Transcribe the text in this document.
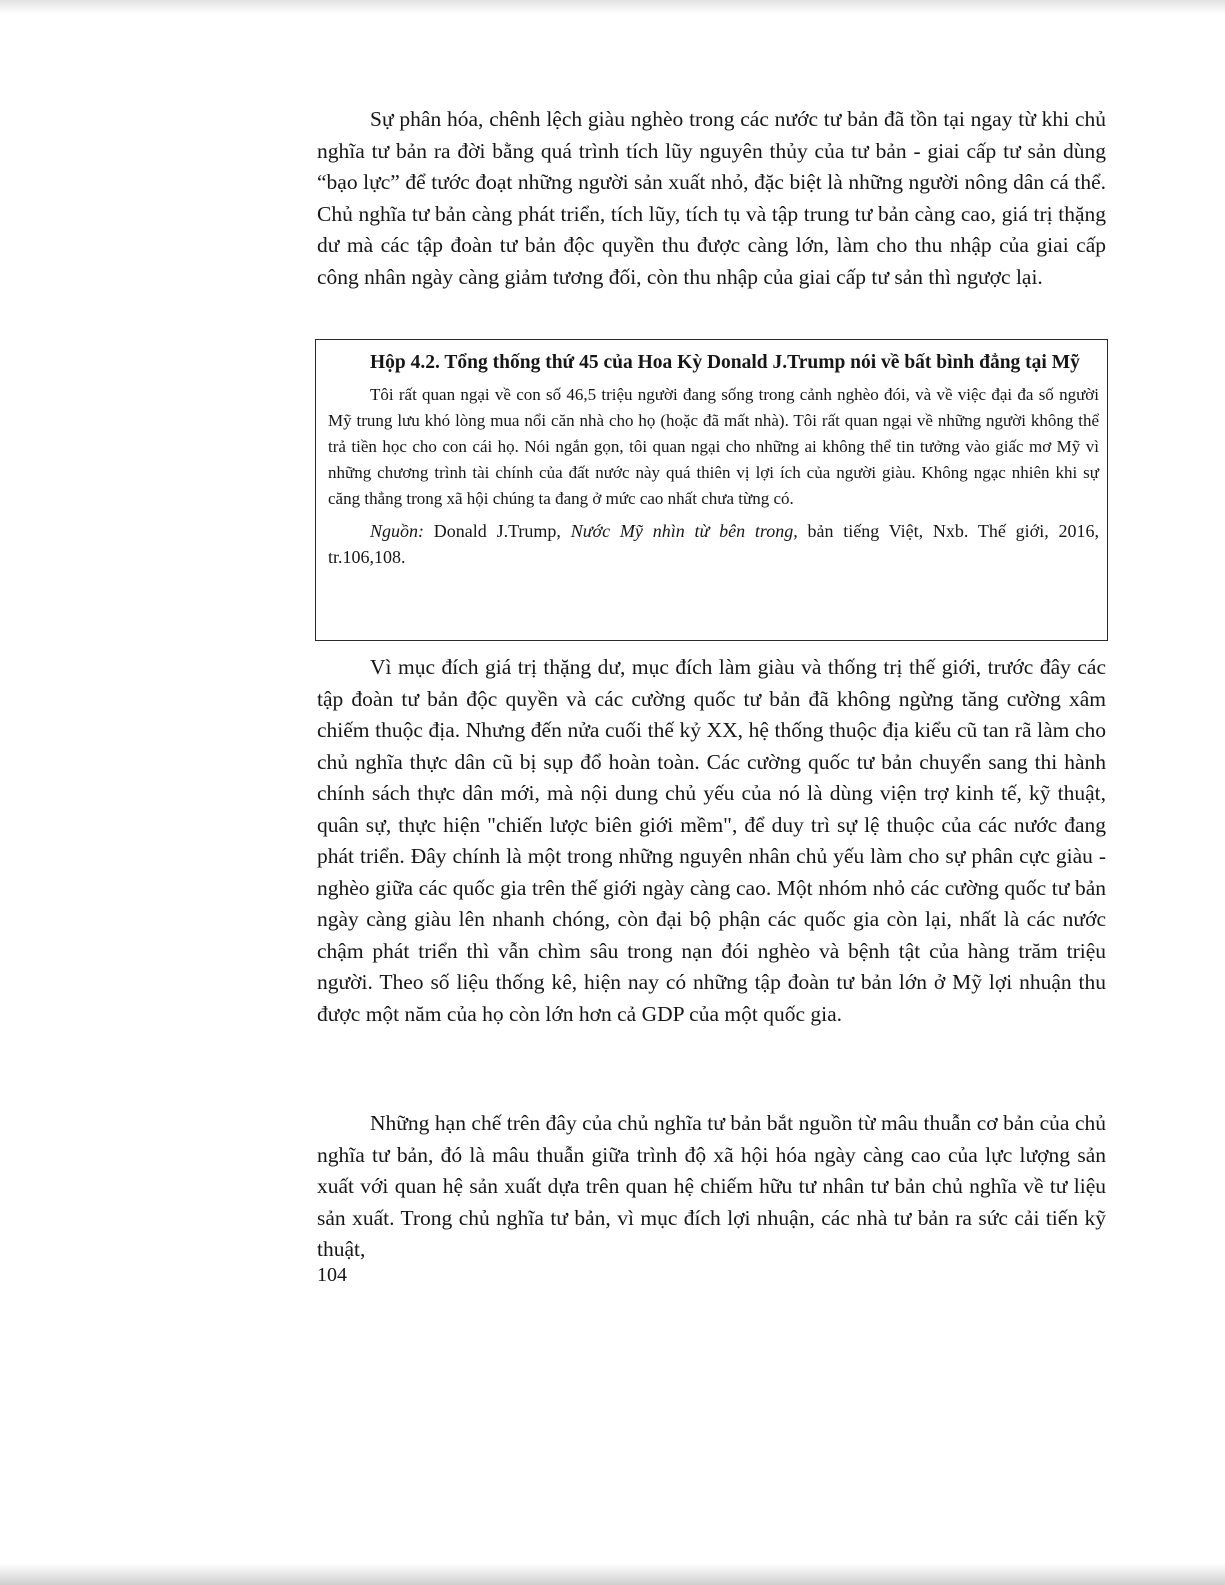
Sự phân hóa, chênh lệch giàu nghèo trong các nước tư bản đã tồn tại ngay từ khi chủ nghĩa tư bản ra đời bằng quá trình tích lũy nguyên thủy của tư bản - giai cấp tư sản dùng “bạo lực” để tước đoạt những người sản xuất nhỏ, đặc biệt là những người nông dân cá thể. Chủ nghĩa tư bản càng phát triển, tích lũy, tích tụ và tập trung tư bản càng cao, giá trị thặng dư mà các tập đoàn tư bản độc quyền thu được càng lớn, làm cho thu nhập của giai cấp công nhân ngày càng giảm tương đối, còn thu nhập của giai cấp tư sản thì ngược lại.

Hộp 4.2. Tổng thống thứ 45 của Hoa Kỳ Donald J.Trump nói về bất bình đẳng tại Mỹ

Tôi rất quan ngại về con số 46,5 triệu người đang sống trong cảnh nghèo đói, và về việc đại đa số người Mỹ trung lưu khó lòng mua nổi căn nhà cho họ (hoặc đã mất nhà). Tôi rất quan ngại về những người không thể trả tiền học cho con cái họ. Nói ngắn gọn, tôi quan ngại cho những ai không thể tin tưởng vào giấc mơ Mỹ vì những chương trình tài chính của đất nước này quá thiên vị lợi ích của người giàu. Không ngạc nhiên khi sự căng thẳng trong xã hội chúng ta đang ở mức cao nhất chưa từng có.

Nguồn: Donald J.Trump, Nước Mỹ nhìn từ bên trong, bản tiếng Việt, Nxb. Thế giới, 2016, tr.106,108.

Vì mục đích giá trị thặng dư, mục đích làm giàu và thống trị thế giới, trước đây các tập đoàn tư bản độc quyền và các cường quốc tư bản đã không ngừng tăng cường xâm chiếm thuộc địa. Nhưng đến nửa cuối thế kỷ XX, hệ thống thuộc địa kiểu cũ tan rã làm cho chủ nghĩa thực dân cũ bị sụp đổ hoàn toàn. Các cường quốc tư bản chuyển sang thi hành chính sách thực dân mới, mà nội dung chủ yếu của nó là dùng viện trợ kinh tế, kỹ thuật, quân sự, thực hiện "chiến lược biên giới mềm", để duy trì sự lệ thuộc của các nước đang phát triển. Đây chính là một trong những nguyên nhân chủ yếu làm cho sự phân cực giàu - nghèo giữa các quốc gia trên thế giới ngày càng cao. Một nhóm nhỏ các cường quốc tư bản ngày càng giàu lên nhanh chóng, còn đại bộ phận các quốc gia còn lại, nhất là các nước chậm phát triển thì vẫn chìm sâu trong nạn đói nghèo và bệnh tật của hàng trăm triệu người. Theo số liệu thống kê, hiện nay có những tập đoàn tư bản lớn ở Mỹ lợi nhuận thu được một năm của họ còn lớn hơn cả GDP của một quốc gia.

Những hạn chế trên đây của chủ nghĩa tư bản bắt nguồn từ mâu thuẫn cơ bản của chủ nghĩa tư bản, đó là mâu thuẫn giữa trình độ xã hội hóa ngày càng cao của lực lượng sản xuất với quan hệ sản xuất dựa trên quan hệ chiếm hữu tư nhân tư bản chủ nghĩa về tư liệu sản xuất. Trong chủ nghĩa tư bản, vì mục đích lợi nhuận, các nhà tư bản ra sức cải tiến kỹ thuật,

104
